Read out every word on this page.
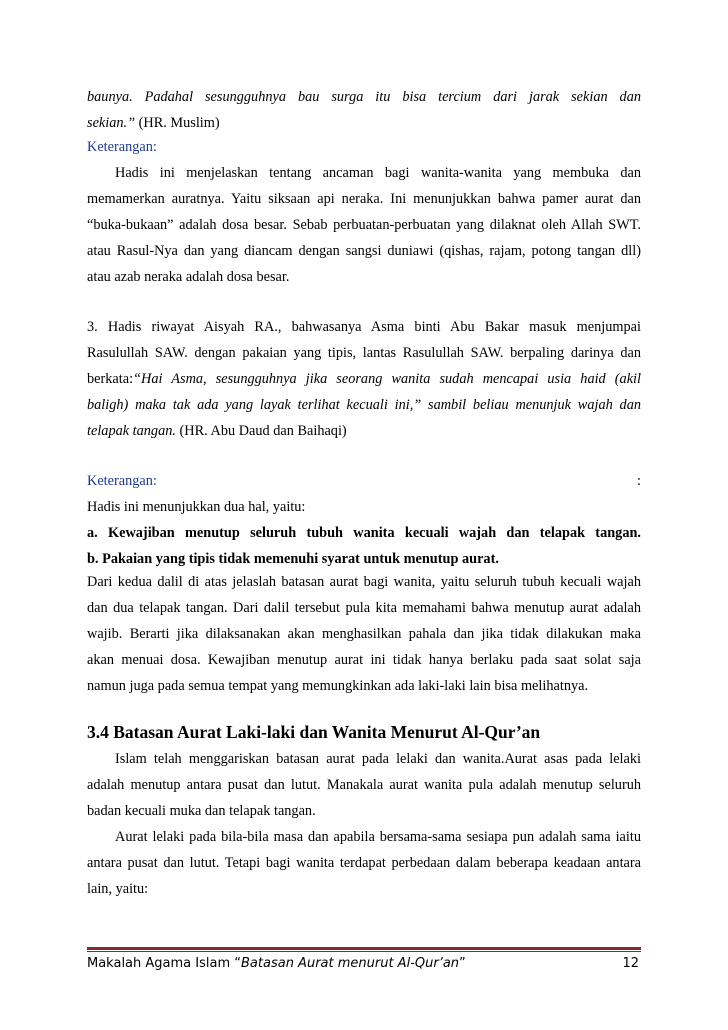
baunya. Padahal sesungguhnya bau surga itu bisa tercium dari jarak sekian dan
sekian.” (HR. Muslim)
Keterangan:
Hadis ini menjelaskan tentang ancaman bagi wanita-wanita yang membuka dan
memamerkan auratnya. Yaitu siksaan api neraka. Ini menunjukkan bahwa pamer aurat dan
“buka-bukaan” adalah dosa besar. Sebab perbuatan-perbuatan yang dilaknat oleh Allah SWT.
atau Rasul-Nya dan yang diancam dengan sangsi duniawi (qishas, rajam, potong tangan dll)
atau azab neraka adalah dosa besar.
3. Hadis riwayat Aisyah RA., bahwasanya Asma binti Abu Bakar masuk menjumpai
Rasulullah SAW. dengan pakaian yang tipis, lantas Rasulullah SAW. berpaling darinya dan
berkata:“Hai Asma, sesungguhnya jika seorang wanita sudah mencapai usia haid (akil
baligh) maka tak ada yang layak terlihat kecuali ini,” sambil beliau menunjuk wajah dan
telapak tangan. (HR. Abu Daud dan Baihaqi)
Keterangan:	:
Hadis ini menunjukkan dua hal, yaitu:
a. Kewajiban menutup seluruh tubuh wanita kecuali wajah dan telapak tangan.
b. Pakaian yang tipis tidak memenuhi syarat untuk menutup aurat.
Dari kedua dalil di atas jelaslah batasan aurat bagi wanita, yaitu seluruh tubuh kecuali wajah
dan dua telapak tangan. Dari dalil tersebut pula kita memahami bahwa menutup aurat adalah
wajib. Berarti jika dilaksanakan akan menghasilkan pahala dan jika tidak dilakukan maka
akan menuai dosa. Kewajiban menutup aurat ini tidak hanya berlaku pada saat solat saja
namun juga pada semua tempat yang memungkinkan ada laki-laki lain bisa melihatnya.
3.4 Batasan Aurat Laki-laki dan Wanita Menurut Al-Qur’an
Islam telah menggariskan batasan aurat pada lelaki dan wanita.Aurat asas pada lelaki
adalah menutup antara pusat dan lutut. Manakala aurat wanita pula adalah menutup seluruh
badan kecuali muka dan telapak tangan.
Aurat lelaki pada bila-bila masa dan apabila bersama-sama sesiapa pun adalah sama iaitu
antara pusat dan lutut. Tetapi bagi wanita terdapat perbedaan dalam beberapa keadaan antara
lain, yaitu:
Makalah Agama Islam “Batasan Aurat menurut Al-Qur’an”	12
